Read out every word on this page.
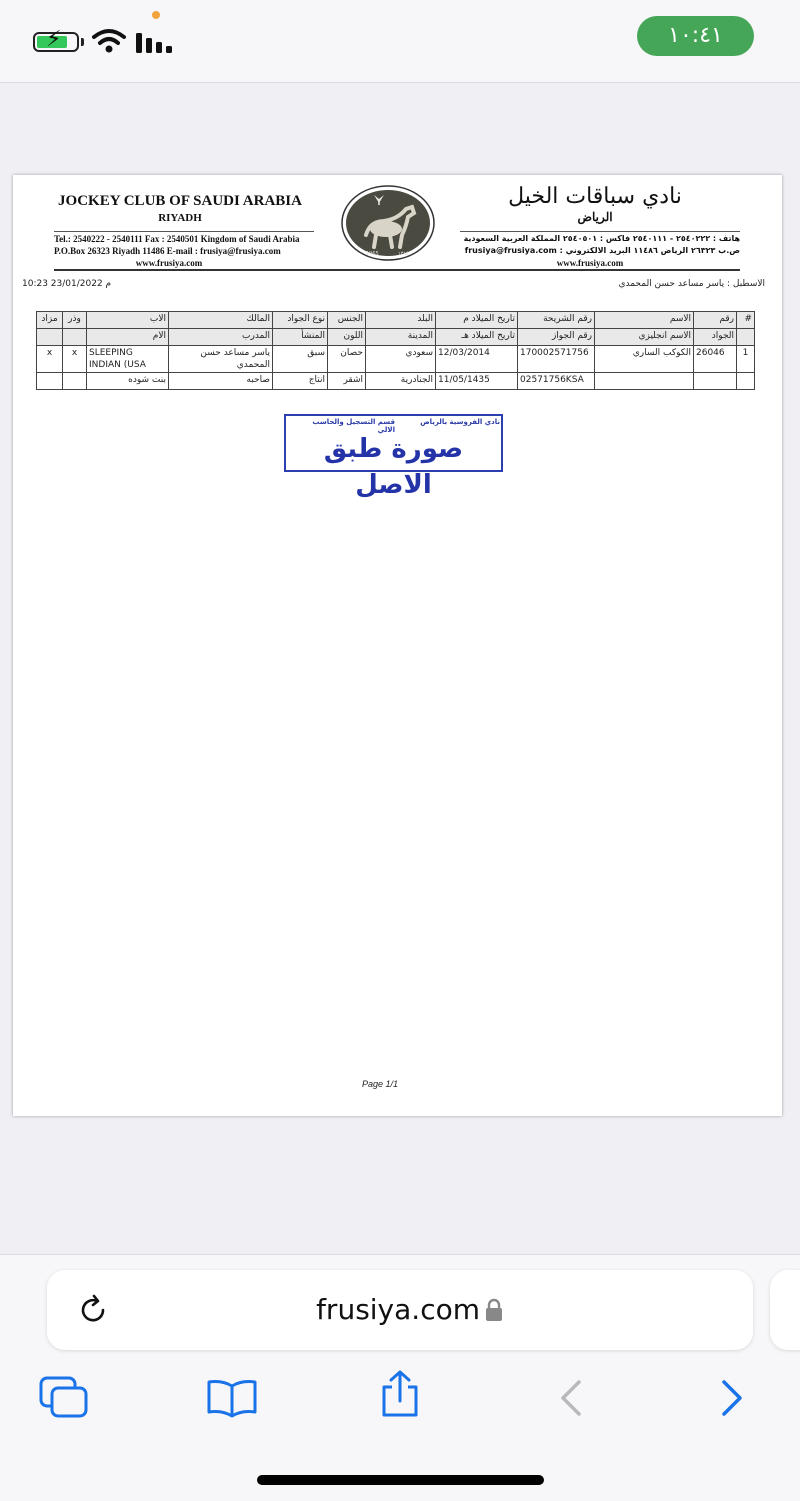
⚡	١٠:٤١
JOCKEY CLUB OF SAUDI ARABIA
RIYADH
Tel.: 2540222 - 2540111 Fax : 2540501 Kingdom of Saudi Arabia
P.O.Box 26323 Riyadh 11486 E-mail : frusiya@frusiya.com
www.frusiya.com
1965	١٣٨٥
نادي سباقات الخيل
الرياض
هاتف : ٢٥٤٠٢٢٢ - ٢٥٤٠١١١ فاكس : ٢٥٤٠٥٠١ المملكة العربية السعودية
ص.ب ٢٦٣٢٣ الرياض ١١٤٨٦ البريد الالكتروني : frusiya@frusiya.com
www.frusiya.com
10:23 23/01/2022 م	الاسطبل : ياسر مساعد حسن المحمدي
مزاد	وذر	الاب	المالك	نوع الجواد	الجنس	البلد	تاريخ الميلاد م	رقم الشريحة	الاسم	رقم	#
		الام	المدرب	المنشأ	اللون	المدينة	تاريخ الميلاد هـ	رقم الجواز	الاسم انجليزي	الجواد	
x	x	SLEEPING INDIAN (USA	ياسر مساعد حسن المحمدي	سبق	حصان	سعودي	12/03/2014	170002571756	الكوكب الساري	26046	1
		بنت شوده	صاحبه	انتاج	اشقر	الجنادرية	11/05/1435	02571756KSA			
قسم التسجيل والحاسب الالي
نادي الفروسية بالرياض
صورة طبق الاصل
Page 1/1
frusiya.com
